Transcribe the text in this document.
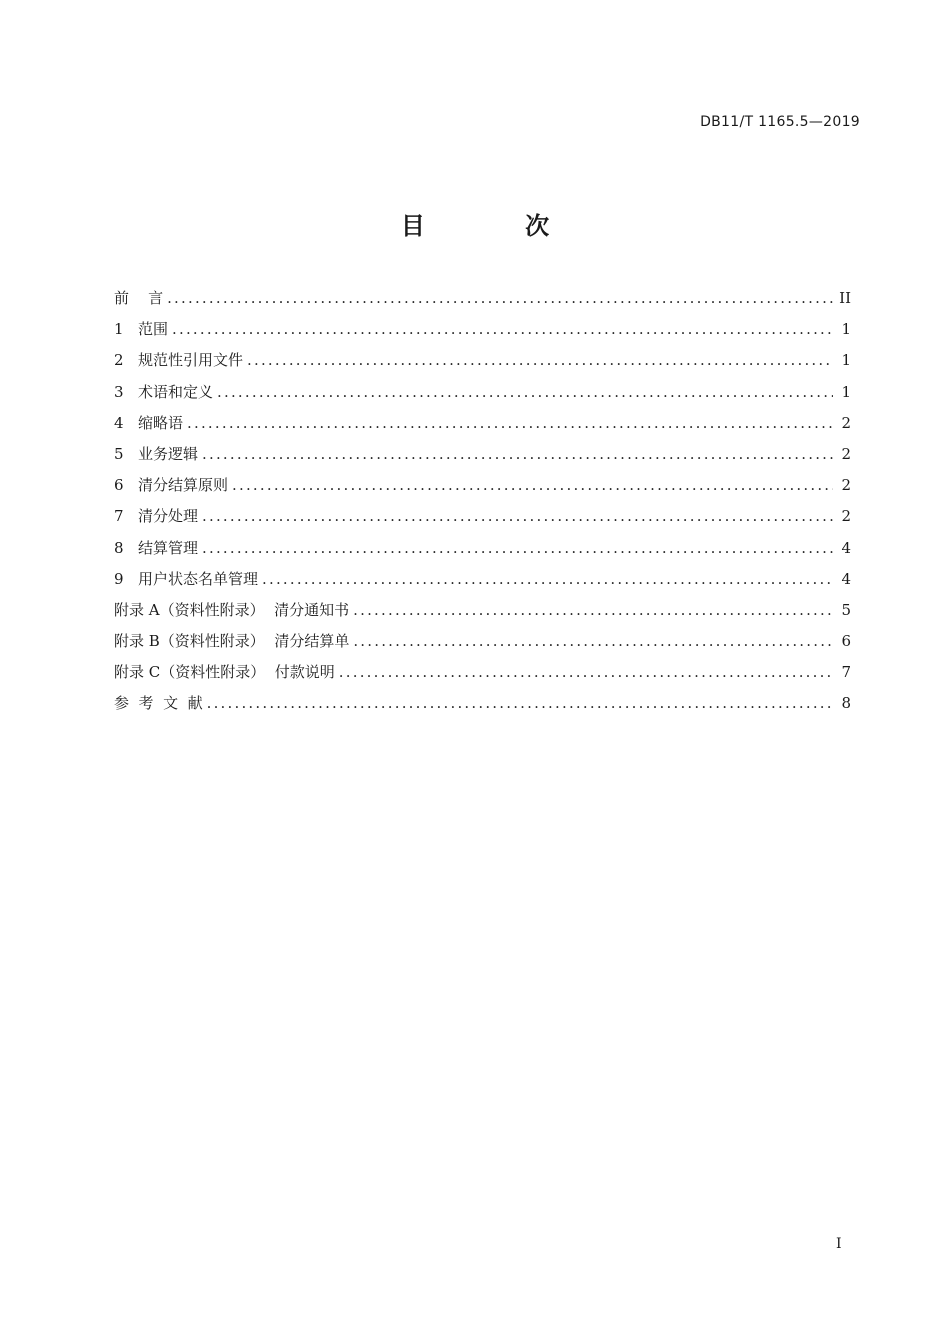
DB11/T 1165.5—2019
目 次
前    言 .....	II
1 范围 .....	1
2 规范性引用文件 .....	1
3 术语和定义 .....	1
4 缩略语 .....	2
5 业务逻辑 .....	2
6 清分结算原则 .....	2
7 清分处理 .....	2
8 结算管理 .....	4
9 用户状态名单管理 .....	4
附录 A（资料性附录）  清分通知书 .....	5
附录 B（资料性附录）  清分结算单 .....	6
附录 C（资料性附录）  付款说明 .....	7
参  考  文  献 .....	8
I
